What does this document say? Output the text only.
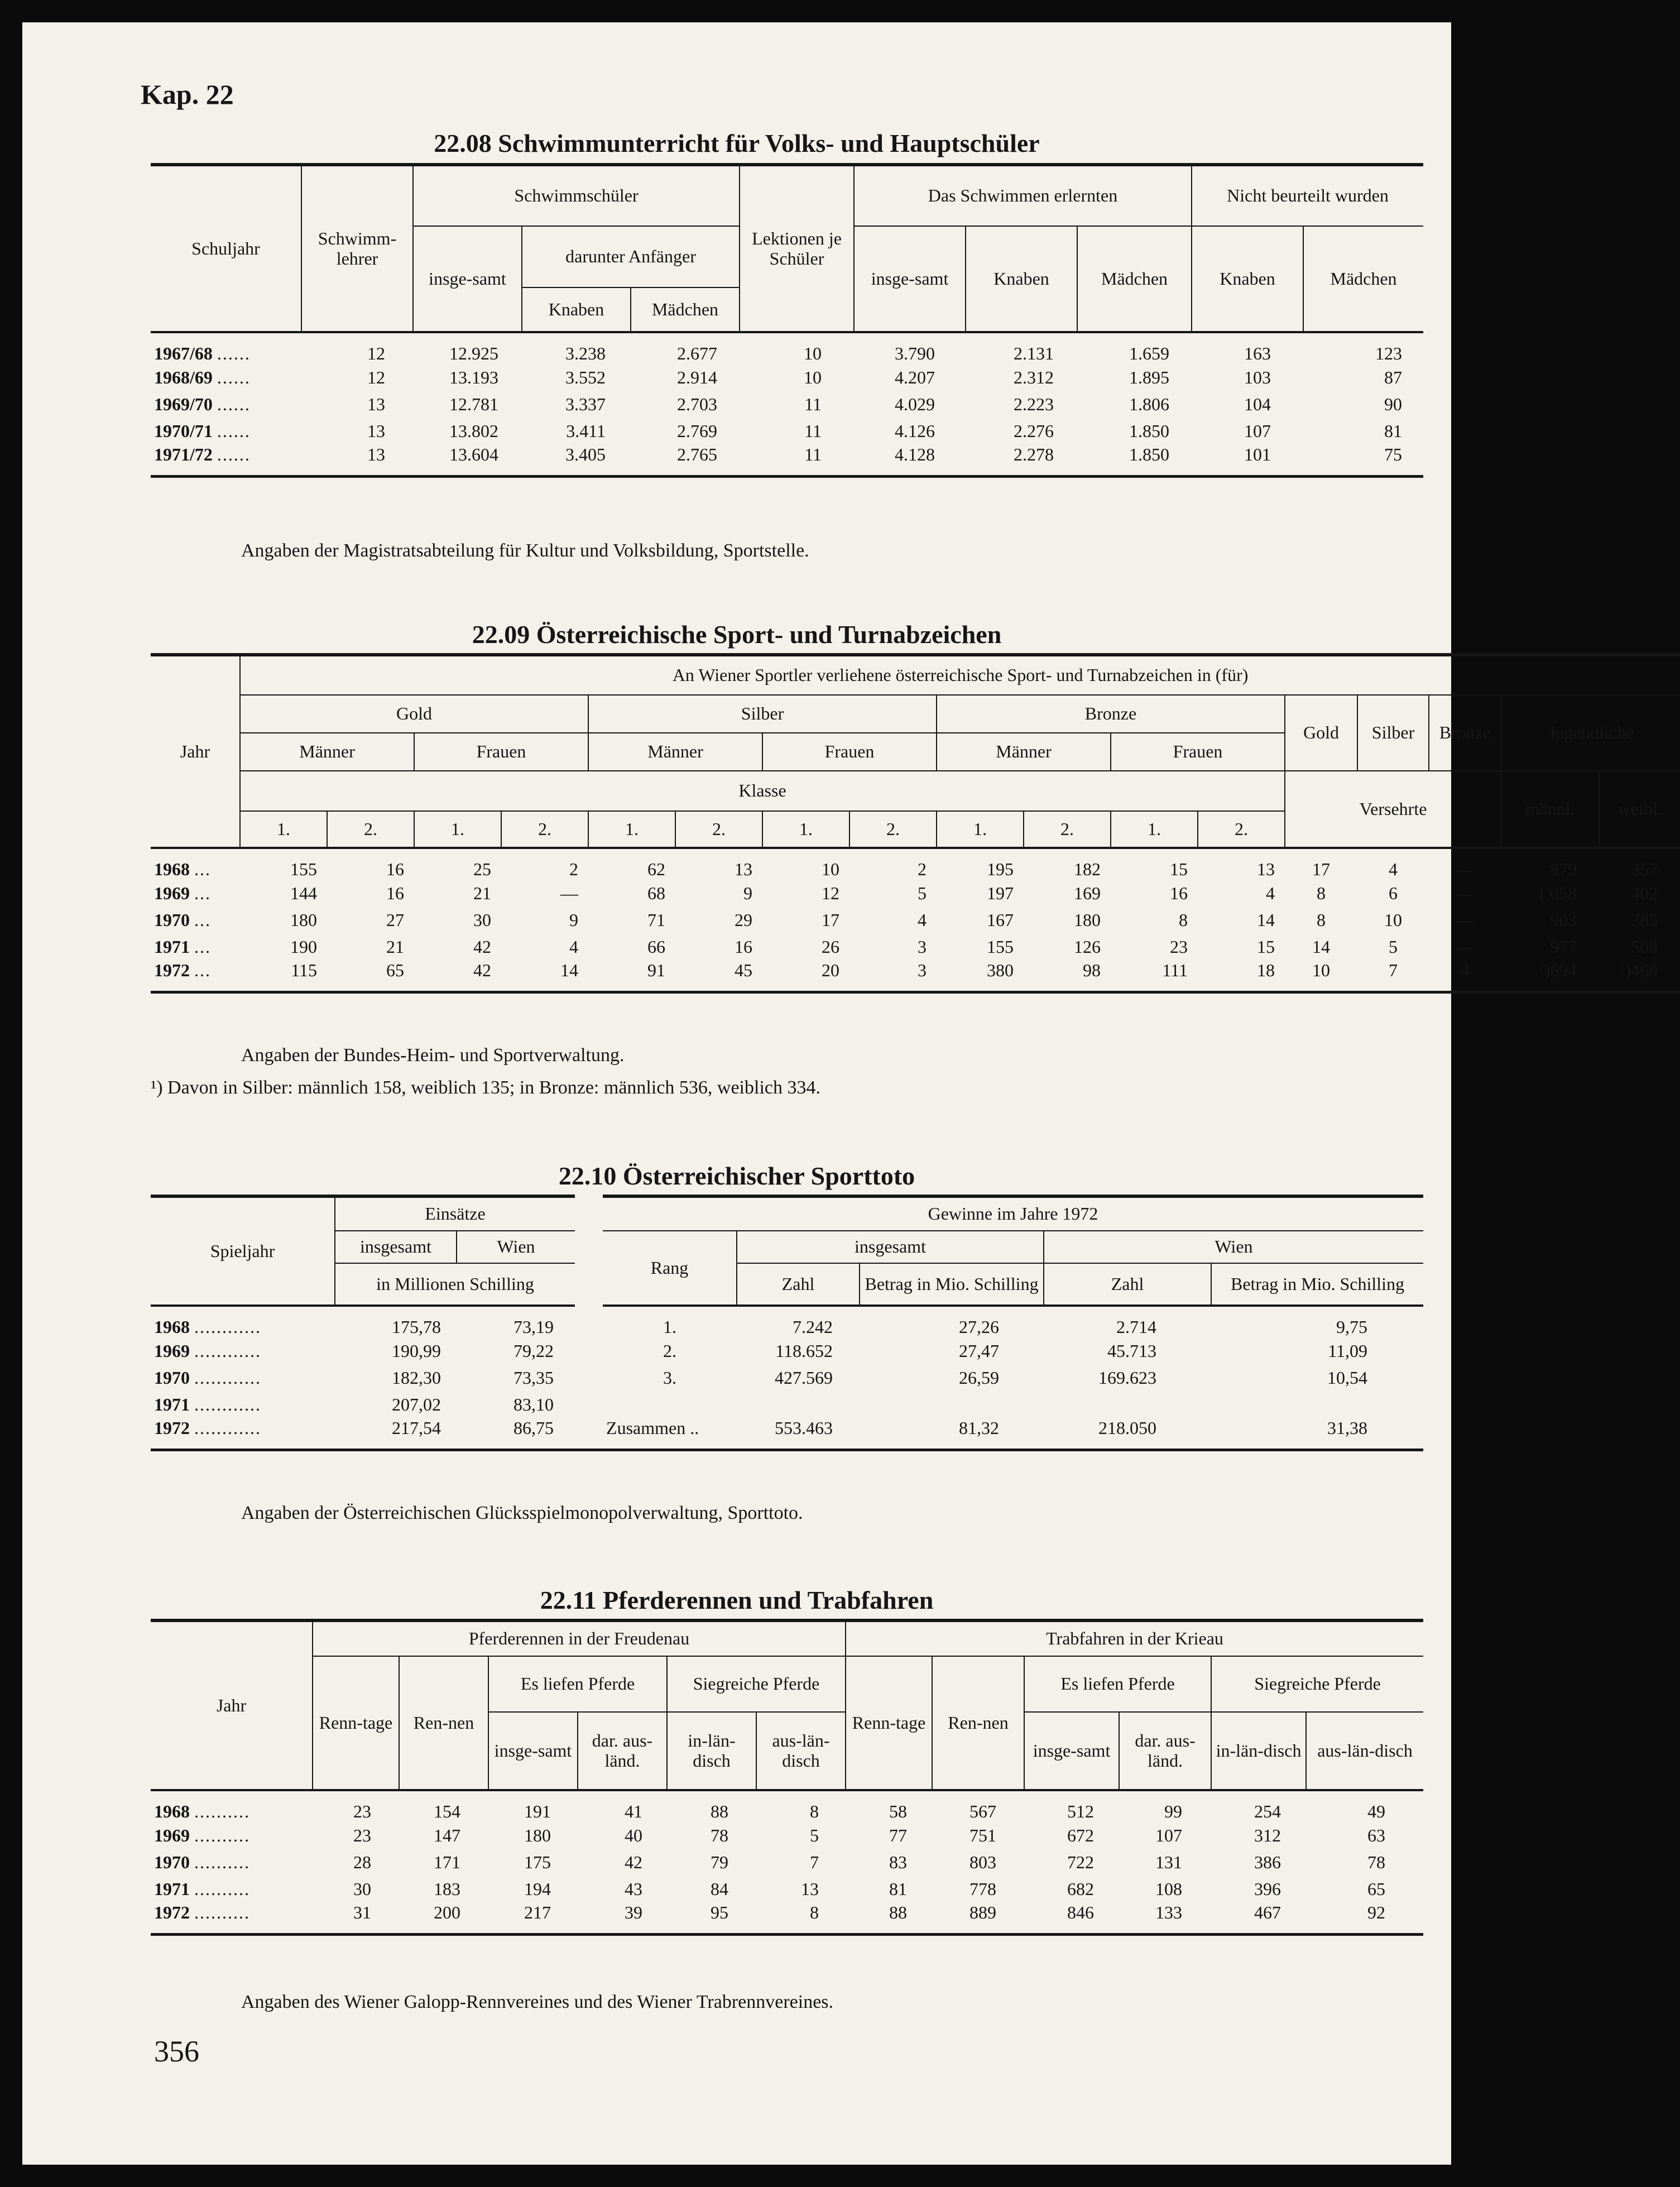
Kap. 22
22.08 Schwimmunterricht für Volks- und Hauptschüler
Schuljahr	Schwimm-lehrer	Schwimmschüler			Lektionen je Schüler	Das Schwimmen erlernten			Nicht beurteilt wurden	
		insge-samt	darunter Anfänger			insge-samt	Knaben	Mädchen	Knaben	Mädchen
			Knaben	Mädchen						
1967/68 ......	12	12.925	3.238	2.677	10	3.790	2.131	1.659	163	123
1968/69 ......	12	13.193	3.552	2.914	10	4.207	2.312	1.895	103	87
1969/70 ......	13	12.781	3.337	2.703	11	4.029	2.223	1.806	104	90
1970/71 ......	13	13.802	3.411	2.769	11	4.126	2.276	1.850	107	81
1971/72 ......	13	13.604	3.405	2.765	11	4.128	2.278	1.850	101	75
Angaben der Magistratsabteilung für Kultur und Volksbildung, Sportstelle.
22.09 Österreichische Sport- und Turnabzeichen
Jahr	An Wiener Sportler verliehene österreichische Sport- und Turnabzeichen in (für)																
	Gold				Silber				Bronze				Gold	Silber	Bronze	Jugendliche	
	Männer		Frauen		Männer		Frauen		Männer		Frauen						
	Klasse												Versehrte			männl.	weibl.
	1.	2.	1.	2.	1.	2.	1.	2.	1.	2.	1.	2.					
1968 ...	155	16	25	2	62	13	10	2	195	182	15	13	17	4	—	879	357
1969 ...	144	16	21	—	68	9	12	5	197	169	16	4	8	6	—	1.058	402
1970 ...	180	27	30	9	71	29	17	4	167	180	8	14	8	10	—	903	385
1971 ...	190	21	42	4	66	16	26	3	155	126	23	15	14	5	—	977	508
1972 ...	115	65	42	14	91	45	20	3	380	98	111	18	10	7	4	¹)694	¹)469
Angaben der Bundes-Heim- und Sportverwaltung.
¹) Davon in Silber: männlich 158, weiblich 135; in Bronze: männlich 536, weiblich 334.
22.10 Österreichischer Sporttoto
Spieljahr	Einsätze			Gewinne im Jahre 1972				
	insgesamt	Wien		Rang	insgesamt		Wien	
	in Millionen Schilling				Zahl	Betrag in Mio. Schilling	Zahl	Betrag in Mio. Schilling
1968 ............	175,78	73,19		1.	7.242	27,26	2.714	9,75
1969 ............	190,99	79,22		2.	118.652	27,47	45.713	11,09
1970 ............	182,30	73,35		3.	427.569	26,59	169.623	10,54
1971 ............	207,02	83,10						
1972 ............	217,54	86,75		Zusammen ..	553.463	81,32	218.050	31,38
Angaben der Österreichischen Glücksspielmonopolverwaltung, Sporttoto.
22.11 Pferderennen und Trabfahren
Jahr	Pferderennen in der Freudenau						Trabfahren in der Krieau					
	Renn-tage	Ren-nen	Es liefen Pferde		Siegreiche Pferde		Renn-tage	Ren-nen	Es liefen Pferde		Siegreiche Pferde	
			insge-samt	dar. aus-länd.	in-län-disch	aus-län-disch			insge-samt	dar. aus-länd.	in-län-disch	aus-län-disch
1968 ..........	23	154	191	41	88	8	58	567	512	99	254	49
1969 ..........	23	147	180	40	78	5	77	751	672	107	312	63
1970 ..........	28	171	175	42	79	7	83	803	722	131	386	78
1971 ..........	30	183	194	43	84	13	81	778	682	108	396	65
1972 ..........	31	200	217	39	95	8	88	889	846	133	467	92
Angaben des Wiener Galopp-Rennvereines und des Wiener Trabrennvereines.
356
